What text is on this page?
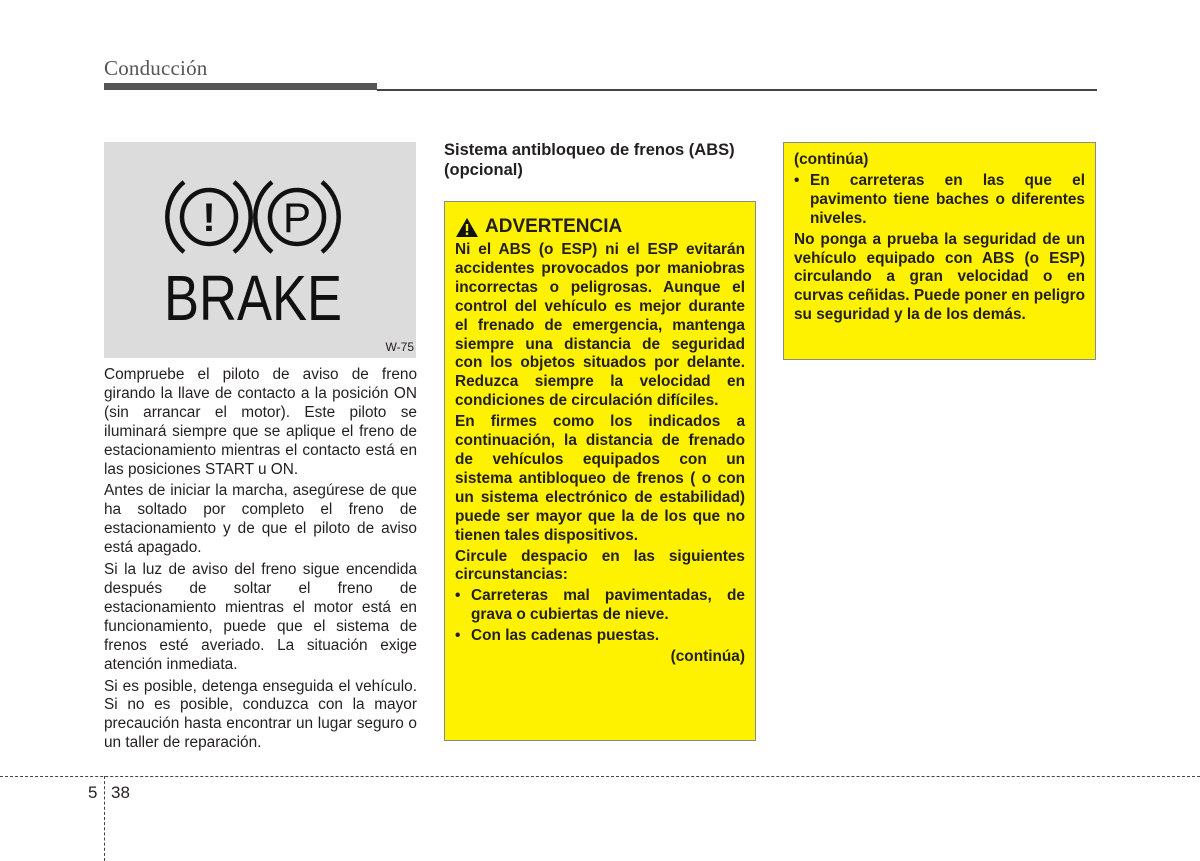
Conducción
! P
BRAKE
W-75

Compruebe el piloto de aviso de freno girando la llave de contacto a la posición ON (sin arrancar el motor). Este piloto se iluminará siempre que se aplique el freno de estacionamiento mientras el contacto está en las posiciones START u ON.

Antes de iniciar la marcha, asegúrese de que ha soltado por completo el freno de estacionamiento y de que el piloto de aviso está apagado.

Si la luz de aviso del freno sigue encendida después de soltar el freno de estacionamiento mientras el motor está en funcionamiento, puede que el sistema de frenos esté averiado. La situación exige atención inmediata.

Si es posible, detenga enseguida el vehículo. Si no es posible, conduzca con la mayor precaución hasta encontrar un lugar seguro o un taller de reparación.

Sistema antibloqueo de frenos (ABS) (opcional)
ADVERTENCIA

Ni el ABS (o ESP) ni el ESP evitarán accidentes provocados por maniobras incorrectas o peligrosas. Aunque el control del vehículo es mejor durante el frenado de emergencia, mantenga siempre una distancia de seguridad con los objetos situados por delante. Reduzca siempre la velocidad en condiciones de circulación difíciles.

En firmes como los indicados a continuación, la distancia de frenado de vehículos equipados con un sistema antibloqueo de frenos ( o con un sistema electrónico de estabilidad) puede ser mayor que la de los que no tienen tales dispositivos.

Circule despacio en las siguientes circunstancias:

• Carreteras mal pavimentadas, de grava o cubiertas de nieve.
• Con las cadenas puestas.

(continúa)

(continúa)

• En carreteras en las que el pavimento tiene baches o diferentes niveles.

No ponga a prueba la seguridad de un vehículo equipado con ABS (o ESP) circulando a gran velocidad o en curvas ceñidas. Puede poner en peligro su seguridad y la de los demás.

5 38
